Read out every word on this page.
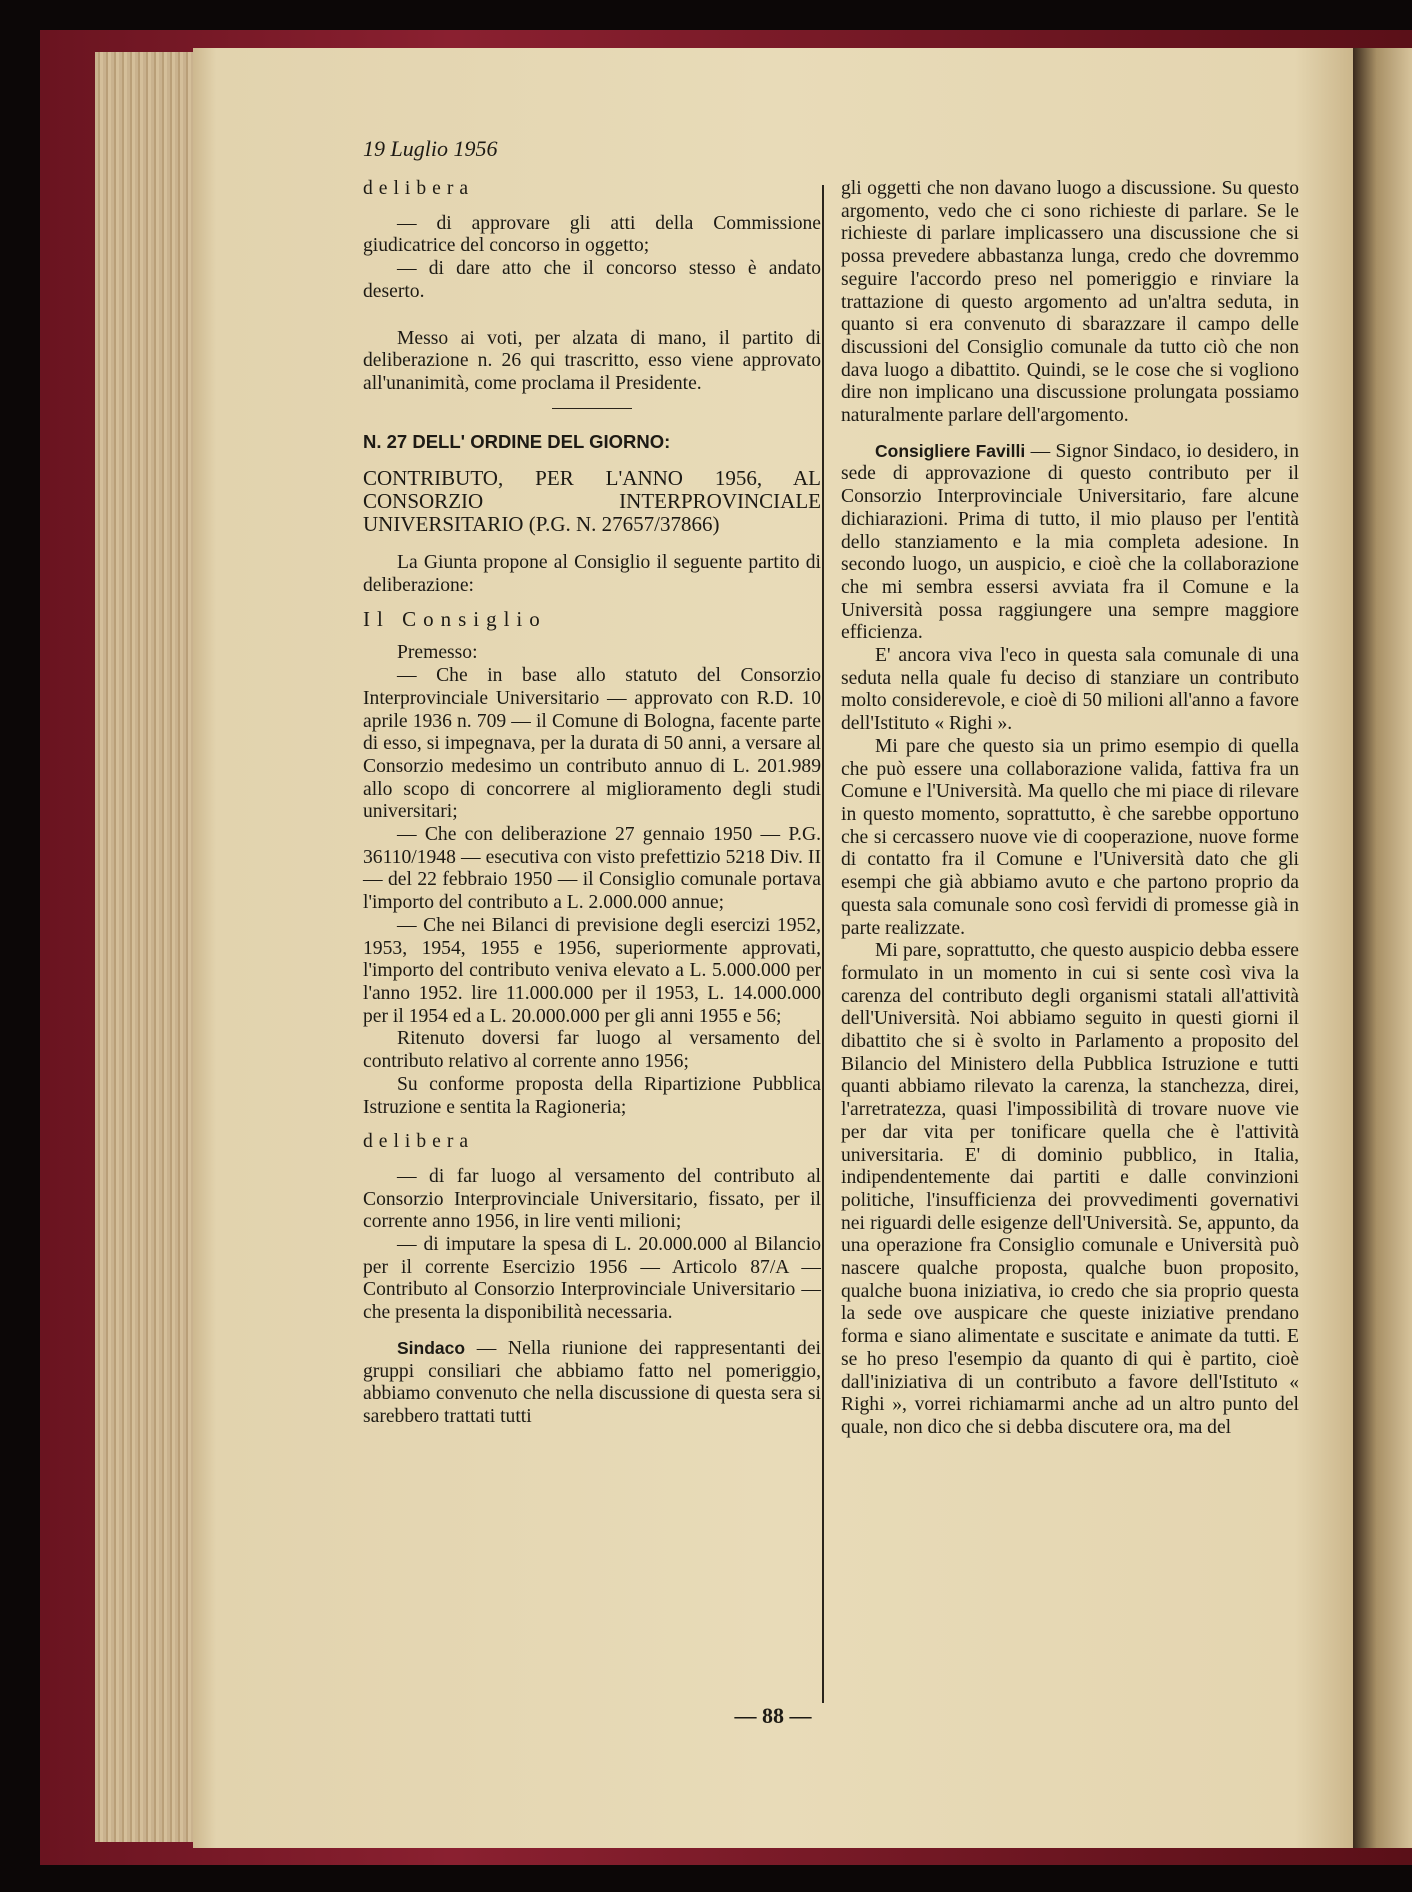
19 Luglio 1956

delibera

— di approvare gli atti della Commissione giudicatrice del concorso in oggetto;

— di dare atto che il concorso stesso è andato deserto.

Messo ai voti, per alzata di mano, il partito di deliberazione n. 26 qui trascritto, esso viene approvato all'unanimità, come proclama il Presidente.

N. 27 DELL' ORDINE DEL GIORNO:

CONTRIBUTO, PER L'ANNO 1956, AL CONSORZIO INTERPROVINCIALE UNIVERSITARIO (P.G. N. 27657/37866)

La Giunta propone al Consiglio il seguente partito di deliberazione:

Il Consiglio

Premesso:

— Che in base allo statuto del Consorzio Interprovinciale Universitario — approvato con R.D. 10 aprile 1936 n. 709 — il Comune di Bologna, facente parte di esso, si impegnava, per la durata di 50 anni, a versare al Consorzio medesimo un contributo annuo di L. 201.989 allo scopo di concorrere al miglioramento degli studi universitari;

— Che con deliberazione 27 gennaio 1950 — P.G. 36110/1948 — esecutiva con visto prefettizio 5218 Div. II — del 22 febbraio 1950 — il Consiglio comunale portava l'importo del contributo a L. 2.000.000 annue;

— Che nei Bilanci di previsione degli esercizi 1952, 1953, 1954, 1955 e 1956, superiormente approvati, l'importo del contributo veniva elevato a L. 5.000.000 per l'anno 1952. lire 11.000.000 per il 1953, L. 14.000.000 per il 1954 ed a L. 20.000.000 per gli anni 1955 e 56;

Ritenuto doversi far luogo al versamento del contributo relativo al corrente anno 1956;

Su conforme proposta della Ripartizione Pubblica Istruzione e sentita la Ragioneria;

delibera

— di far luogo al versamento del contributo al Consorzio Interprovinciale Universitario, fissato, per il corrente anno 1956, in lire venti milioni;

— di imputare la spesa di L. 20.000.000 al Bilancio per il corrente Esercizio 1956 — Articolo 87/A — Contributo al Consorzio Interprovinciale Universitario — che presenta la disponibilità necessaria.

Sindaco — Nella riunione dei rappresentanti dei gruppi consiliari che abbiamo fatto nel pomeriggio, abbiamo convenuto che nella discussione di questa sera si sarebbero trattati tutti

gli oggetti che non davano luogo a discussione. Su questo argomento, vedo che ci sono richieste di parlare. Se le richieste di parlare implicassero una discussione che si possa prevedere abbastanza lunga, credo che dovremmo seguire l'accordo preso nel pomeriggio e rinviare la trattazione di questo argomento ad un'altra seduta, in quanto si era convenuto di sbarazzare il campo delle discussioni del Consiglio comunale da tutto ciò che non dava luogo a dibattito. Quindi, se le cose che si vogliono dire non implicano una discussione prolungata possiamo naturalmente parlare dell'argomento.

Consigliere Favilli — Signor Sindaco, io desidero, in sede di approvazione di questo contributo per il Consorzio Interprovinciale Universitario, fare alcune dichiarazioni. Prima di tutto, il mio plauso per l'entità dello stanziamento e la mia completa adesione. In secondo luogo, un auspicio, e cioè che la collaborazione che mi sembra essersi avviata fra il Comune e la Università possa raggiungere una sempre maggiore efficienza.

E' ancora viva l'eco in questa sala comunale di una seduta nella quale fu deciso di stanziare un contributo molto considerevole, e cioè di 50 milioni all'anno a favore dell'Istituto « Righi ».

Mi pare che questo sia un primo esempio di quella che può essere una collaborazione valida, fattiva fra un Comune e l'Università. Ma quello che mi piace di rilevare in questo momento, soprattutto, è che sarebbe opportuno che si cercassero nuove vie di cooperazione, nuove forme di contatto fra il Comune e l'Università dato che gli esempi che già abbiamo avuto e che partono proprio da questa sala comunale sono così fervidi di promesse già in parte realizzate.

Mi pare, soprattutto, che questo auspicio debba essere formulato in un momento in cui si sente così viva la carenza del contributo degli organismi statali all'attività dell'Università. Noi abbiamo seguito in questi giorni il dibattito che si è svolto in Parlamento a proposito del Bilancio del Ministero della Pubblica Istruzione e tutti quanti abbiamo rilevato la carenza, la stanchezza, direi, l'arretratezza, quasi l'impossibilità di trovare nuove vie per dar vita per tonificare quella che è l'attività universitaria. E' di dominio pubblico, in Italia, indipendentemente dai partiti e dalle convinzioni politiche, l'insufficienza dei provvedimenti governativi nei riguardi delle esigenze dell'Università. Se, appunto, da una operazione fra Consiglio comunale e Università può nascere qualche proposta, qualche buon proposito, qualche buona iniziativa, io credo che sia proprio questa la sede ove auspicare che queste iniziative prendano forma e siano alimentate e suscitate e animate da tutti. E se ho preso l'esempio da quanto di qui è partito, cioè dall'iniziativa di un contributo a favore dell'Istituto « Righi », vorrei richiamarmi anche ad un altro punto del quale, non dico che si debba discutere ora, ma del

— 88 —
